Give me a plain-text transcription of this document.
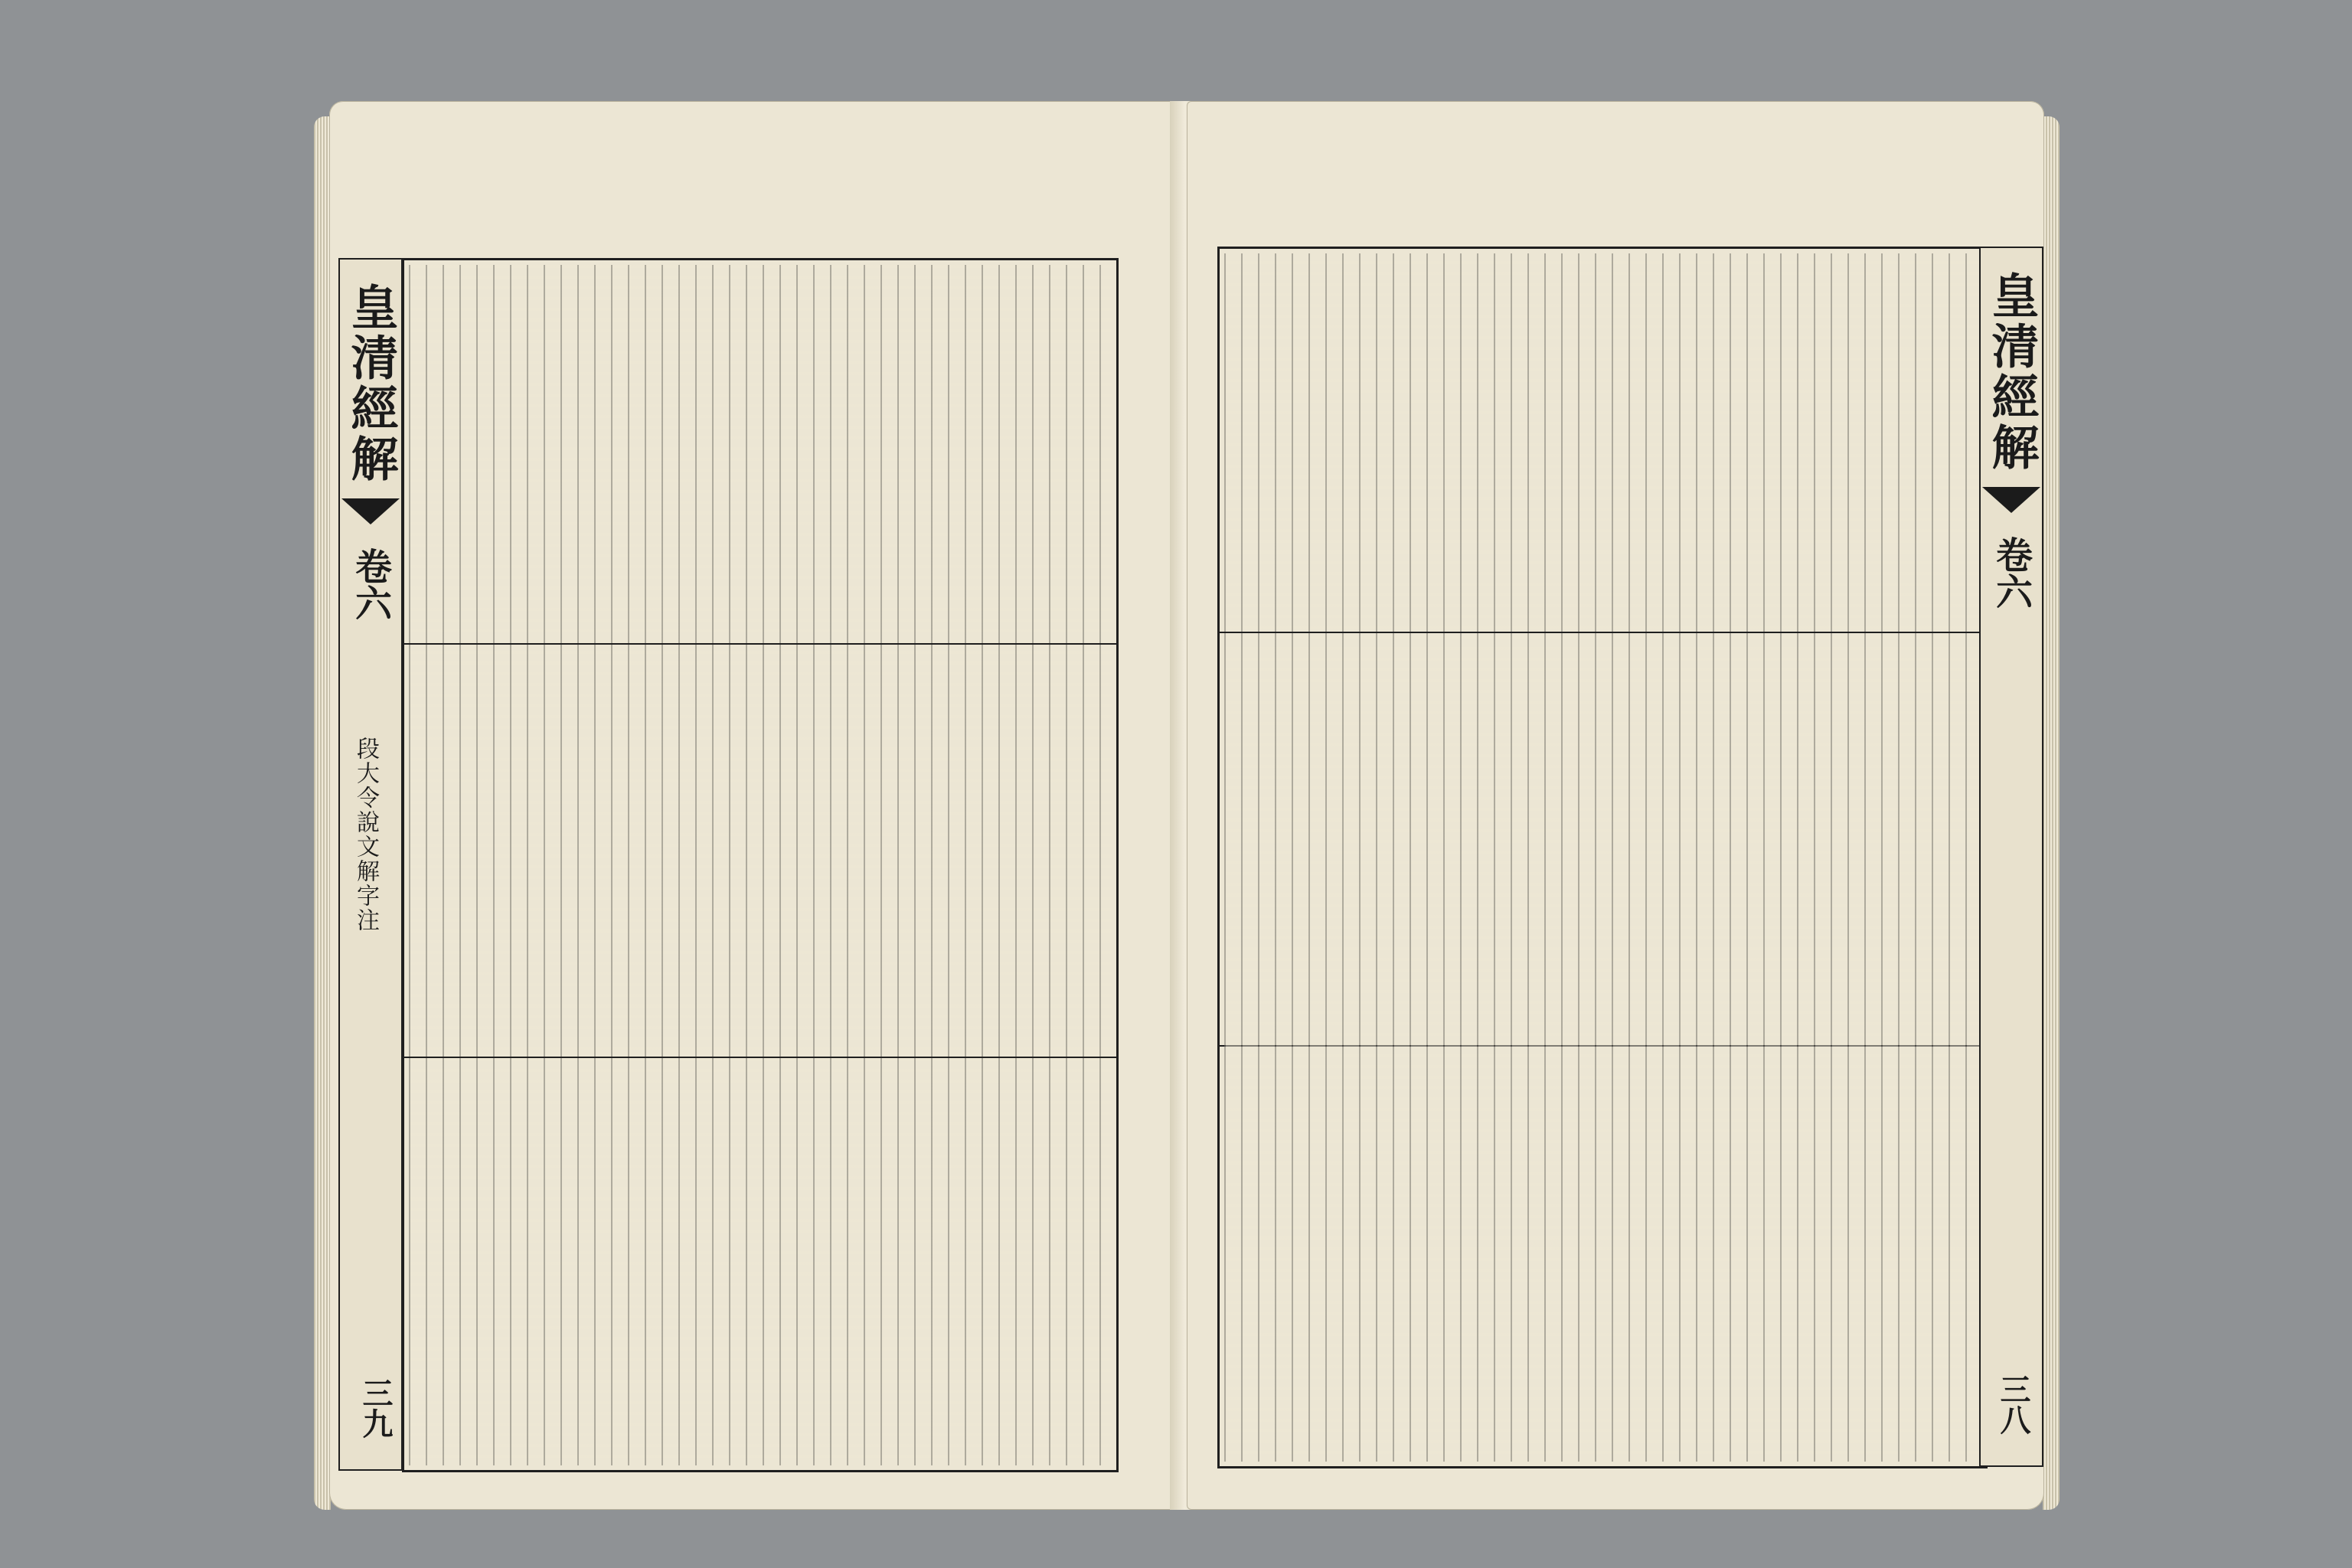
皇清經解
卷六
三九
段大令說文解字注
皇清經解
卷六
三八
